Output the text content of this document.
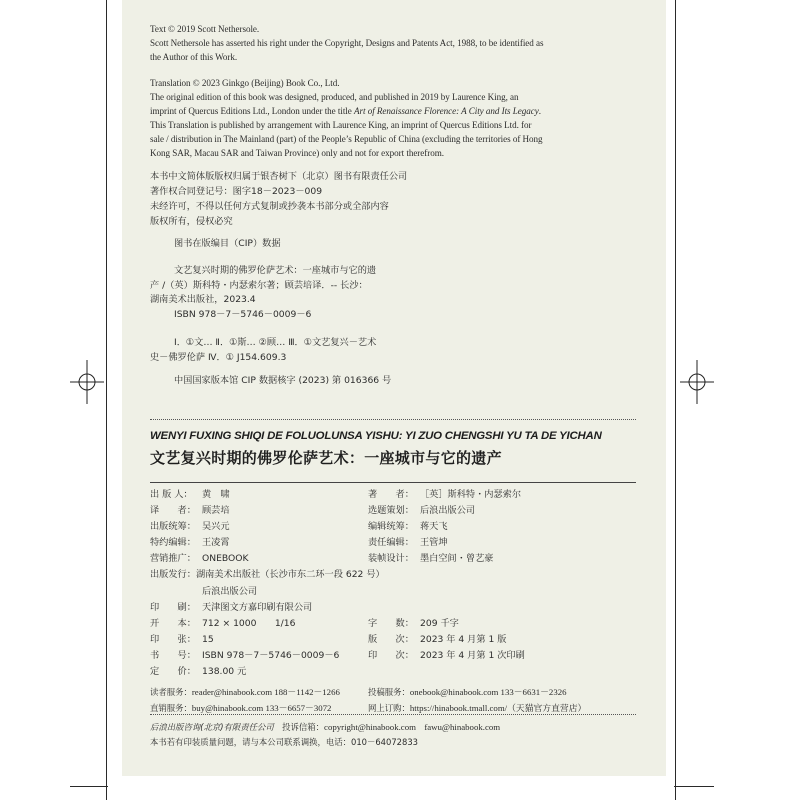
Text © 2019 Scott Nethersole.
Scott Nethersole has asserted his right under the Copyright, Designs and Patents Act, 1988, to be identified as
the Author of this Work.
Translation © 2023 Ginkgo (Beijing) Book Co., Ltd.
The original edition of this book was designed, produced, and published in 2019 by Laurence King, an
imprint of Quercus Editions Ltd., London under the title Art of Renaissance Florence: A City and Its Legacy.
This Translation is published by arrangement with Laurence King, an imprint of Quercus Editions Ltd. for
sale / distribution in The Mainland (part) of the People’s Republic of China (excluding the territories of Hong
Kong SAR, Macau SAR and Taiwan Province) only and not for export therefrom.
本书中文简体版版权归属于银杏树下（北京）图书有限责任公司
著作权合同登记号：图字18－2023－009
未经许可，不得以任何方式复制或抄袭本书部分或全部内容
版权所有，侵权必究
图书在版编目（CIP）数据
文艺复兴时期的佛罗伦萨艺术：一座城市与它的遗
产 /（英）斯科特・内瑟索尔著；顾芸培译．-- 长沙：
湖南美术出版社，2023.4
ISBN 978－7－5746－0009－6
Ⅰ．①文… Ⅱ．①斯… ②顾… Ⅲ．①文艺复兴－艺术
史－佛罗伦萨 Ⅳ．① J154.609.3
中国国家版本馆 CIP 数据核字 (2023) 第 016366 号
WENYI FUXING SHIQI DE FOLUOLUNSA YISHU: YI ZUO CHENGSHI YU TA DE YICHAN
文艺复兴时期的佛罗伦萨艺术：一座城市与它的遗产
出 版 人：	黄　啸
译　　者： 顾芸培
出版统筹： 吴兴元
特约编辑： 王凌霄
营销推广： ONEBOOK
出版发行： 湖南美术出版社（长沙市东二环一段 622 号）
后浪出版公司
印　　刷： 天津图文方嘉印刷有限公司
开　　本： 712 × 1000　　1/16
印　　张： 15
书　　号： ISBN 978－7－5746－0009－6
定　　价： 138.00 元
著　　者： ［英］斯科特・内瑟索尔
选题策划： 后浪出版公司
编辑统筹： 蒋天飞
责任编辑： 王管坤
装帧设计： 墨白空间・曾艺豪
字　　数： 209 千字
版　　次： 2023 年 4 月第 1 版
印　　次： 2023 年 4 月第 1 次印刷
读者服务：reader@hinabook.com 188－1142－1266
直销服务：buy@hinabook.com 133－6657－3072
投稿服务：onebook@hinabook.com 133－6631－2326
网上订购：https://hinabook.tmall.com/（天猫官方直营店）
后浪出版咨询(北京)有限责任公司　 投诉信箱：copyright@hinabook.com　 fawu@hinabook.com
本书若有印装质量问题，请与本公司联系调换，电话：010－64072833
